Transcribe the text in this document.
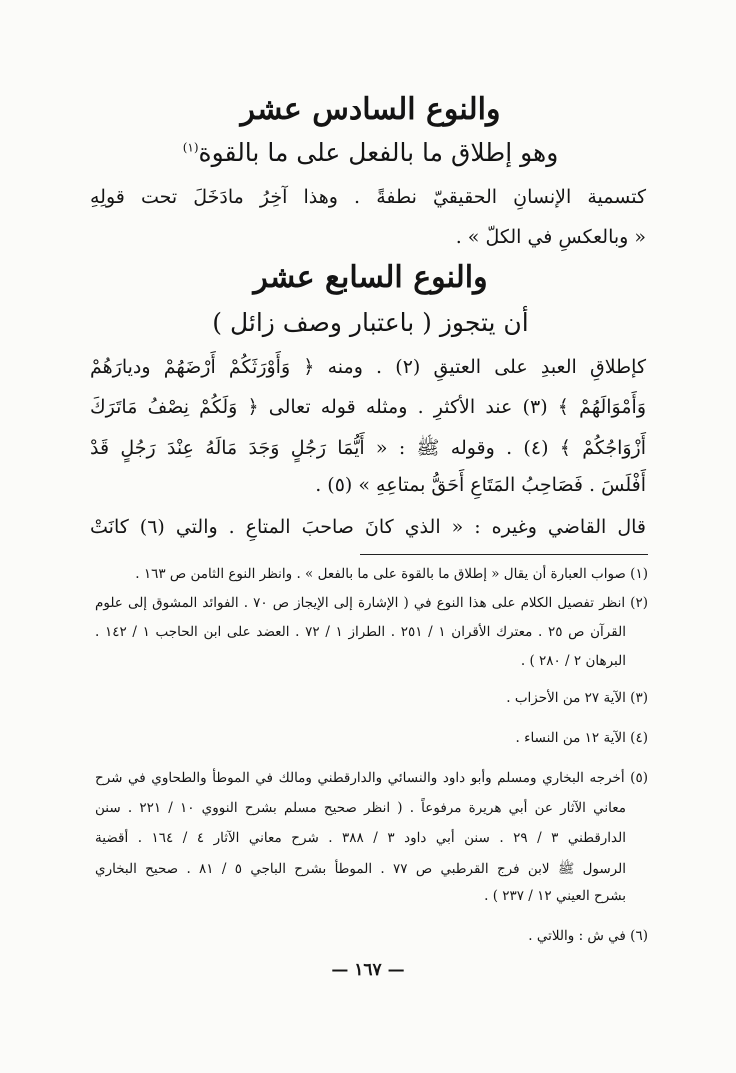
والنوع السادس عشر
وهو إطلاق ما بالفعل على ما بالقوة$^{(١)}$
كتسمية الإنسانِ الحقيقيّ نطفةً . وهذا آخِرُ مادَخَلَ تحت قولِهِ
« وبالعكسِ في الكلّ » .
والنوع السابع عشر
أن يتجوز ( باعتبار وصف زائل )
كإطلاقِ العبدِ على العتيقِ (٢) . ومنه ﴿ وَأَوْرَثَكُمْ أَرْضَهُمْ وديارَهُمْ
وَأَمْوَالَهُمْ ﴾ (٣) عند الأكثرِ . ومثله قوله تعالى ﴿ وَلَكُمْ نِصْفُ مَاتَرَكَ
أَزْوَاجُكُمْ ﴾ (٤) . وقوله ﷺ : « أَيُّمَا رَجُلٍ وَجَدَ مَالَهُ عِنْدَ رَجُلٍ قَدْ
أَفْلَسَ . فَصَاحِبُ المَتَاعِ أَحَقُّ بمتاعِهِ » (٥) .
قال القاضي وغيره : « الذي كانَ صاحبَ المتاعِ . والتي (٦) كانَتْ
(١) صواب العبارة أن يقال « إطلاق ما بالقوة على ما بالفعل » . وانظر النوع الثامن ص ١٦٣ .
(٢) انظر تفصيل الكلام على هذا النوع في ( الإشارة إلى الإيجاز ص ٧٠ . الفوائد المشوق إلى علوم
القرآن ص ٢٥ . معترك الأقران ١ / ٢٥١ . الطراز ١ / ٧٢ . العضد على ابن الحاجب ١ / ١٤٢ .
البرهان ٢ / ٢٨٠ ) .
(٣) الآية ٢٧ من الأحزاب .
(٤) الآية ١٢ من النساء .
(٥) أخرجه البخاري ومسلم وأبو داود والنسائي والدارقطني ومالك في الموطأ والطحاوي في شرح
معاني الآثار عن أبي هريرة مرفوعاً . ( انظر صحيح مسلم بشرح النووي ١٠ / ٢٢١ . سنن
الدارقطني ٣ / ٢٩ . سنن أبي داود ٣ / ٣٨٨ . شرح معاني الآثار ٤ / ١٦٤ . أقضية
الرسول ﷺ لابن فرج القرطبي ص ٧٧ . الموطأ بشرح الباجي ٥ / ٨١ . صحيح البخاري
بشرح العيني ١٢ / ٢٣٧ ) .
(٦) في ش : واللاتي .
— ١٦٧ —
